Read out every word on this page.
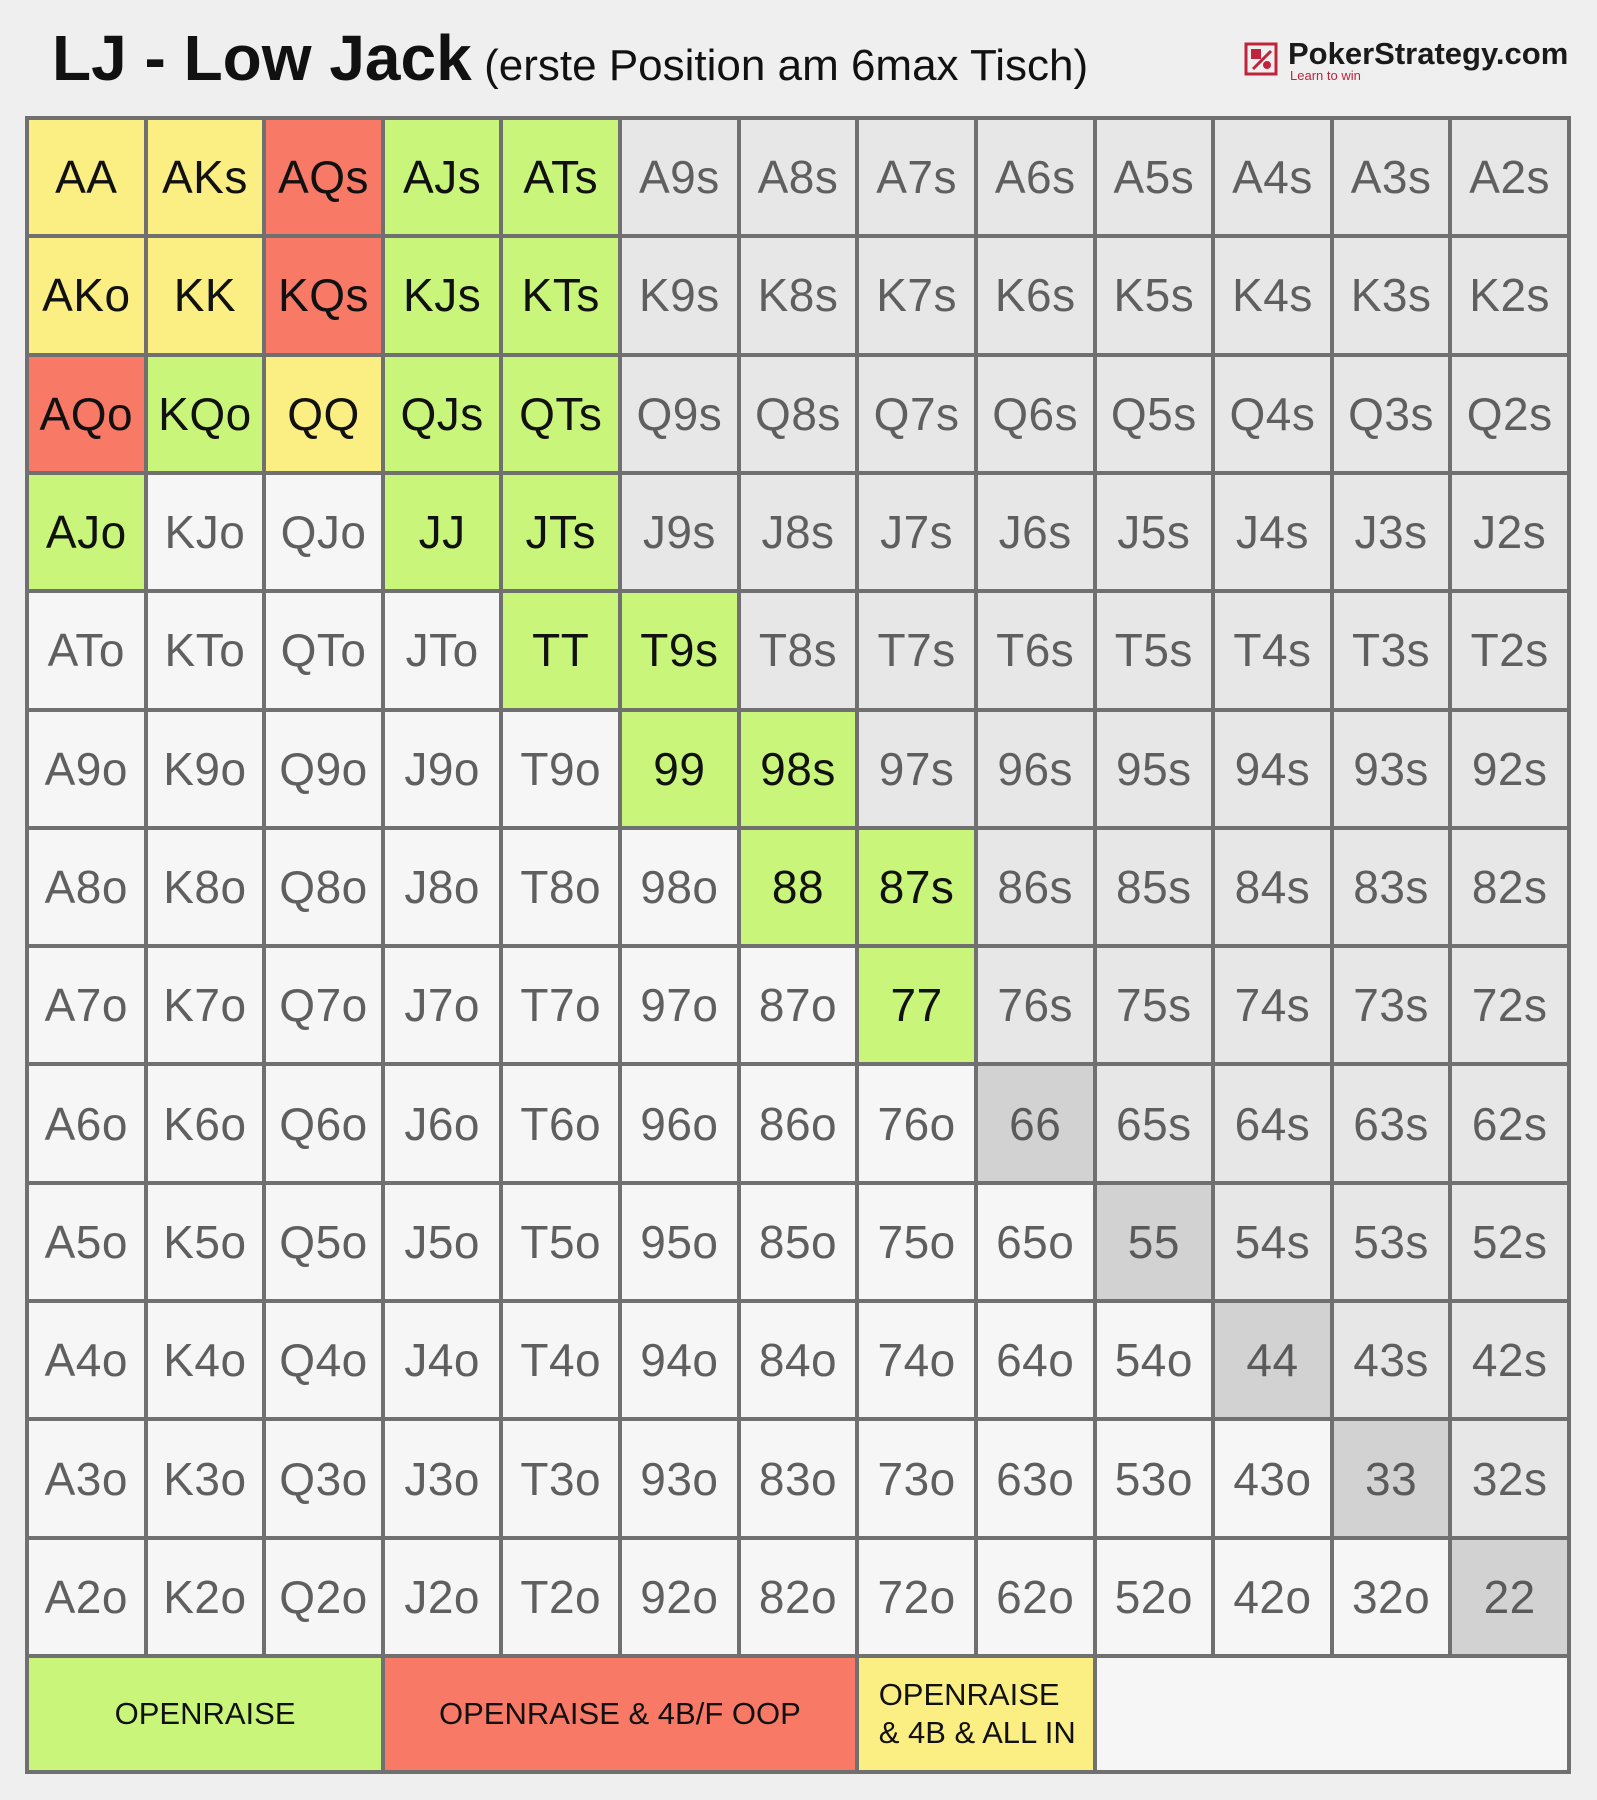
LJ - Low Jack (erste Position am 6max Tisch)	PokerStrategy.com
Learn to win
AA AKs AQs AJs ATs A9s A8s A7s A6s A5s A4s A3s A2s
AKo KK KQs KJs KTs K9s K8s K7s K6s K5s K4s K3s K2s
AQo KQo QQ QJs QTs Q9s Q8s Q7s Q6s Q5s Q4s Q3s Q2s
AJo KJo QJo	JJ	JTs	J9s J8s J7s J6s J5s J4s J3s J2s
ATo KTo QTo JTo	TT	T9s T8s T7s T6s T5s T4s T3s T2s
A9o K9o Q9o J9o T9o	99	98s 97s 96s 95s 94s 93s 92s
A8o K8o Q8o J8o T8o 98o	88	87s 86s 85s 84s 83s 82s
A7o K7o Q7o J7o T7o 97o 87o	77	76s 75s 74s 73s 72s
A6o K6o Q6o J6o T6o 96o 86o 76o	66	65s 64s 63s 62s
A5o K5o Q5o J5o T5o 95o 85o 75o 65o	55	54s 53s 52s
A4o K4o Q4o J4o T4o 94o 84o 74o 64o 54o	44	43s 42s
A3o K3o Q3o J3o T3o 93o 83o 73o 63o 53o 43o	33	32s
A2o K2o Q2o J2o T2o 92o 82o 72o 62o 52o 42o 32o	22
OPENRAISE	OPENRAISE & 4B/F OOP
OPENRAISE & 4B & ALL IN
